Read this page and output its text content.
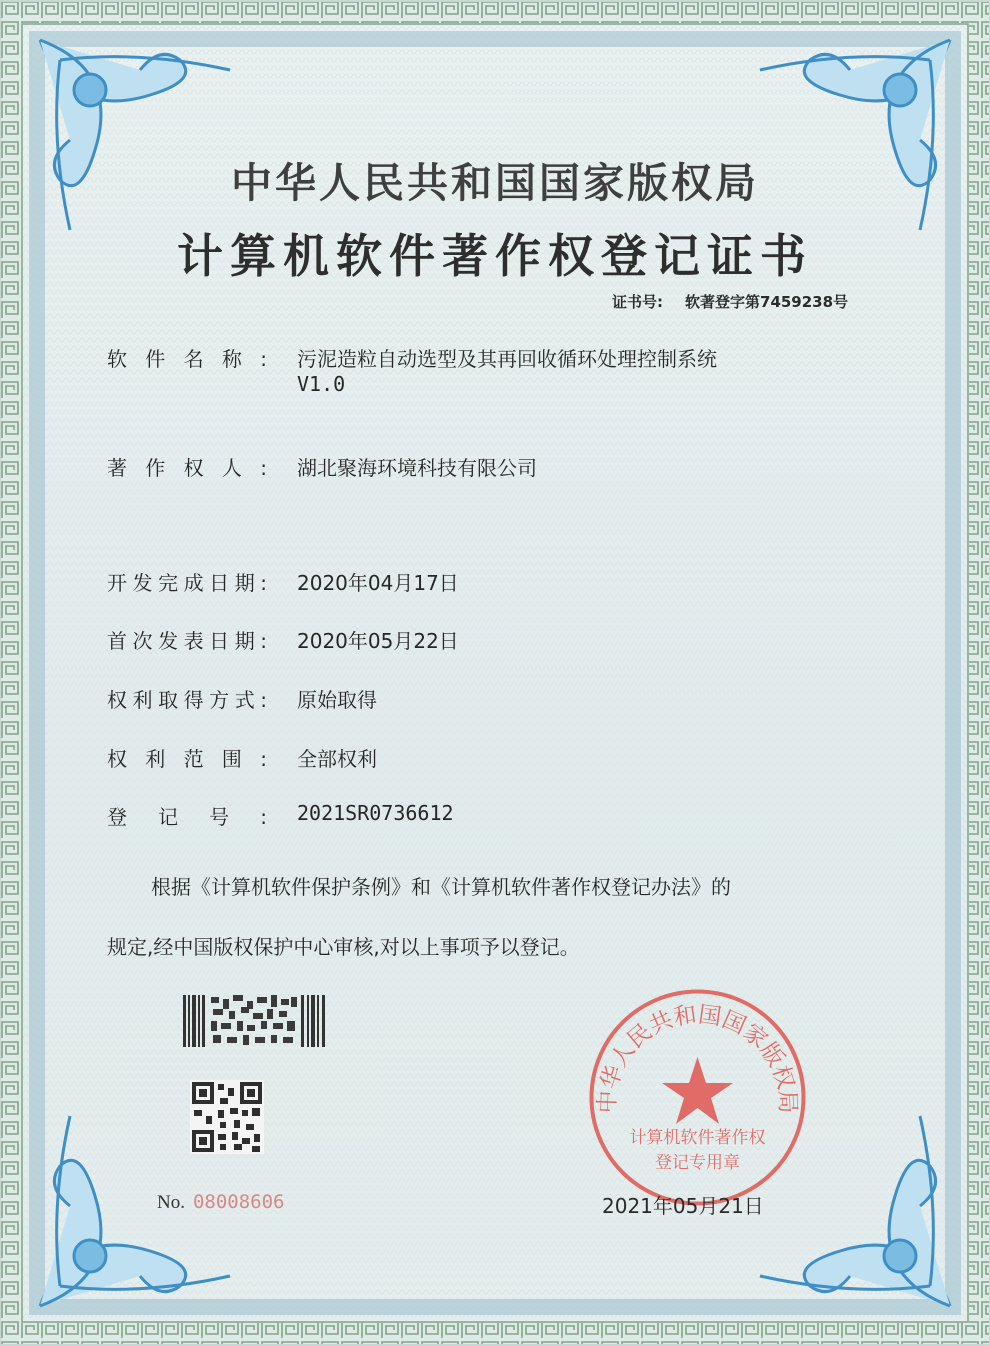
中华人民共和国国家版权局
计算机软件著作权登记证书
证书号: 软著登字第7459238号
软件名称: 污泥造粒自动选型及其再回收循环处理控制系统
V1.0
著作权人: 湖北聚海环境科技有限公司
开发完成日期: 2020年04月17日
首次发表日期: 2020年05月22日
权利取得方式: 原始取得
权利范围: 全部权利
登记号: 2021SR0736612
根据《计算机软件保护条例》和《计算机软件著作权登记办法》的
规定,经中国版权保护中心审核,对以上事项予以登记。
中华人民共和国国家版权局
计算机软件著作权
登记专用章
No. 08008606	2021年05月21日
